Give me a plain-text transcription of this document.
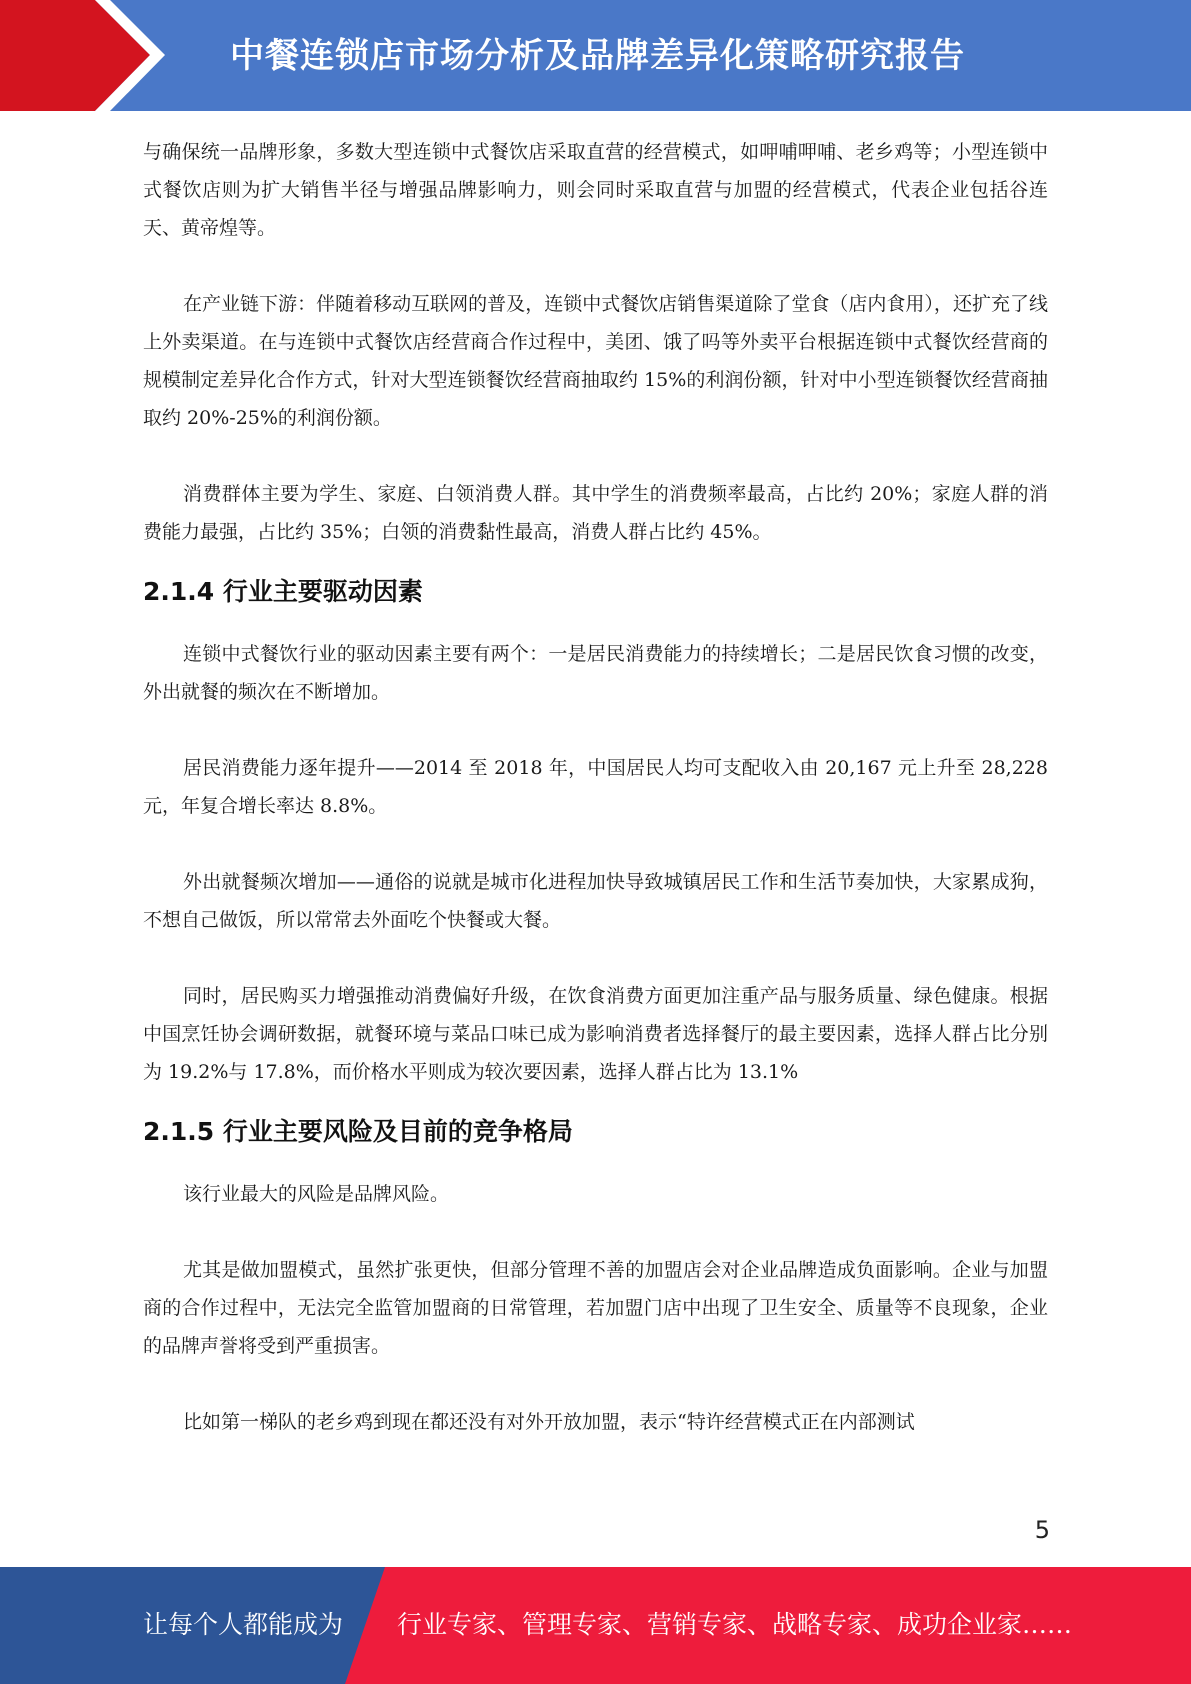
中餐连锁店市场分析及品牌差异化策略研究报告

与确保统一品牌形象，多数大型连锁中式餐饮店采取直营的经营模式，如呷哺呷哺、老乡鸡等；小型连锁中式餐饮店则为扩大销售半径与增强品牌影响力，则会同时采取直营与加盟的经营模式，代表企业包括谷连天、黄帝煌等。

在产业链下游：伴随着移动互联网的普及，连锁中式餐饮店销售渠道除了堂食（店内食用），还扩充了线上外卖渠道。在与连锁中式餐饮店经营商合作过程中，美团、饿了吗等外卖平台根据连锁中式餐饮经营商的规模制定差异化合作方式，针对大型连锁餐饮经营商抽取约 15%的利润份额，针对中小型连锁餐饮经营商抽取约 20%-25%的利润份额。

消费群体主要为学生、家庭、白领消费人群。其中学生的消费频率最高，占比约 20%；家庭人群的消费能力最强，占比约 35%；白领的消费黏性最高，消费人群占比约 45%。

2.1.4 行业主要驱动因素

连锁中式餐饮行业的驱动因素主要有两个：一是居民消费能力的持续增长；二是居民饮食习惯的改变，外出就餐的频次在不断增加。

居民消费能力逐年提升——2014 至 2018 年，中国居民人均可支配收入由 20,167 元上升至 28,228 元，年复合增长率达 8.8%。

外出就餐频次增加——通俗的说就是城市化进程加快导致城镇居民工作和生活节奏加快，大家累成狗，不想自己做饭，所以常常去外面吃个快餐或大餐。

同时，居民购买力增强推动消费偏好升级，在饮食消费方面更加注重产品与服务质量、绿色健康。根据中国烹饪协会调研数据，就餐环境与菜品口味已成为影响消费者选择餐厅的最主要因素，选择人群占比分别为 19.2%与 17.8%，而价格水平则成为较次要因素，选择人群占比为 13.1%

2.1.5 行业主要风险及目前的竞争格局

该行业最大的风险是品牌风险。

尤其是做加盟模式，虽然扩张更快，但部分管理不善的加盟店会对企业品牌造成负面影响。企业与加盟商的合作过程中，无法完全监管加盟商的日常管理，若加盟门店中出现了卫生安全、质量等不良现象，企业的品牌声誉将受到严重损害。

比如第一梯队的老乡鸡到现在都还没有对外开放加盟，表示“特许经营模式正在内部测试

5
让每个人都能成为 行业专家、管理专家、营销专家、战略专家、成功企业家……
